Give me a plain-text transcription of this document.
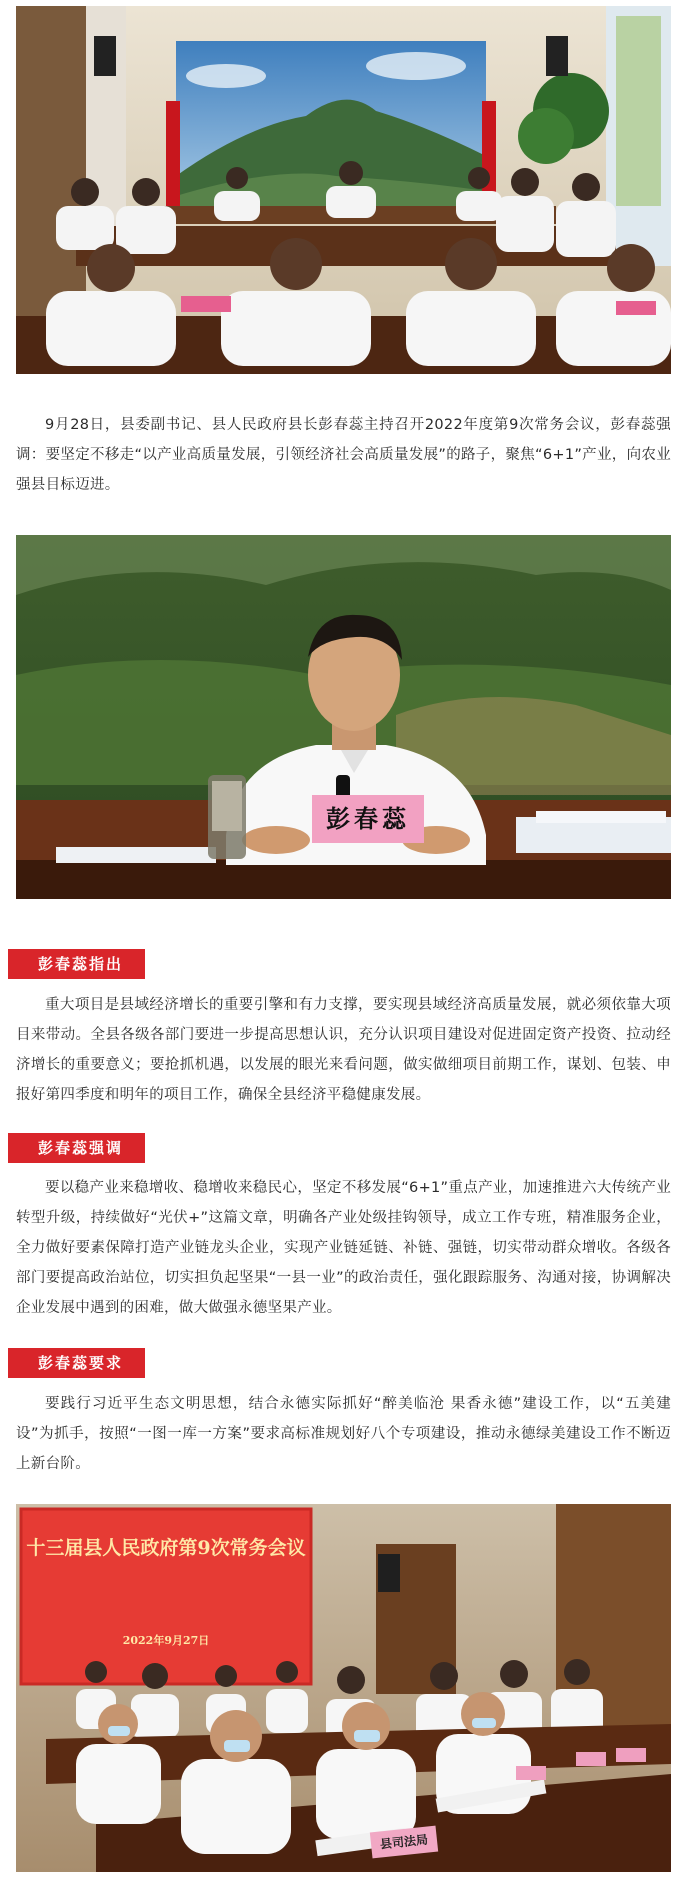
9月28日，县委副书记、县人民政府县长彭春蕊主持召开2022年度第9次常务会议，彭春蕊强调：要坚定不移走“以产业高质量发展，引领经济社会高质量发展”的路子，聚焦“6+1”产业，向农业强县目标迈进。

彭春蕊
彭春蕊指出

重大项目是县域经济增长的重要引擎和有力支撑，要实现县域经济高质量发展，就必须依靠大项目来带动。全县各级各部门要进一步提高思想认识，充分认识项目建设对促进固定资产投资、拉动经济增长的重要意义；要抢抓机遇，以发展的眼光来看问题，做实做细项目前期工作，谋划、包装、申报好第四季度和明年的项目工作，确保全县经济平稳健康发展。

彭春蕊强调

要以稳产业来稳增收、稳增收来稳民心，坚定不移发展“6+1”重点产业，加速推进六大传统产业转型升级，持续做好“光伏+”这篇文章，明确各产业处级挂钩领导，成立工作专班，精准服务企业，全力做好要素保障打造产业链龙头企业，实现产业链延链、补链、强链，切实带动群众增收。各级各部门要提高政治站位，切实担负起坚果“一县一业”的政治责任，强化跟踪服务、沟通对接，协调解决企业发展中遇到的困难，做大做强永德坚果产业。

彭春蕊要求

要践行习近平生态文明思想，结合永德实际抓好“醉美临沧 果香永德”建设工作，以“五美建设”为抓手，按照“一图一库一方案”要求高标准规划好八个专项建设，推动永德绿美建设工作不断迈上新台阶。

十三届县人民政府第9次常务会议
2022年9月27日
县司法局
